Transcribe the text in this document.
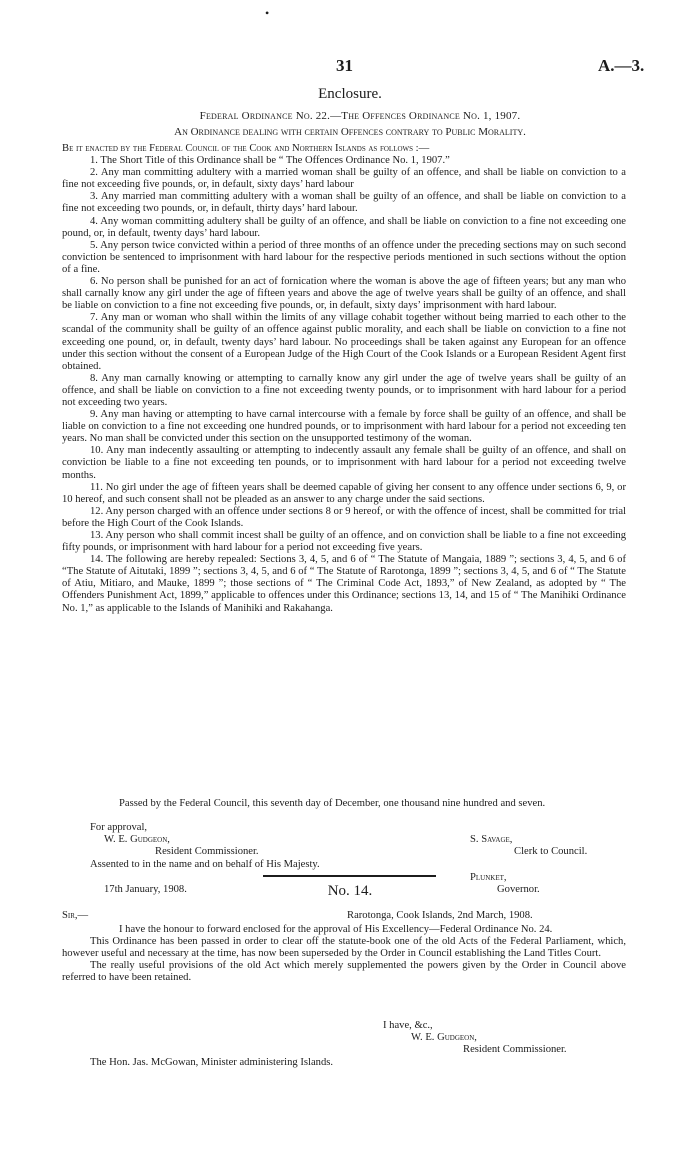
•
31	A.—3.
Enclosure.
Federal Ordinance No. 22.—The Offences Ordinance No. 1, 1907.
An Ordinance dealing with certain Offences contrary to Public Morality.

Be it enacted by the Federal Council of the Cook and Northern Islands as follows :—

1. The Short Title of this Ordinance shall be “ The Offences Ordinance No. 1, 1907.”

2. Any man committing adultery with a married woman shall be guilty of an offence, and shall be liable on conviction to a fine not exceeding five pounds, or, in default, sixty days’ hard labour

3. Any married man committing adultery with a woman shall be guilty of an offence, and shall be liable on conviction to a fine not exceeding two pounds, or, in default, thirty days’ hard labour.

4. Any woman committing adultery shall be guilty of an offence, and shall be liable on conviction to a fine not exceeding one pound, or, in default, twenty days’ hard labour.

5. Any person twice convicted within a period of three months of an offence under the preceding sections may on such second conviction be sentenced to imprisonment with hard labour for the respective periods mentioned in such sections without the option of a fine.

6. No person shall be punished for an act of fornication where the woman is above the age of fifteen years; but any man who shall carnally know any girl under the age of fifteen years and above the age of twelve years shall be guilty of an offence, and shall be liable on conviction to a fine not exceeding five pounds, or, in default, sixty days’ imprisonment with hard labour.

7. Any man or woman who shall within the limits of any village cohabit together without being married to each other to the scandal of the community shall be guilty of an offence against public morality, and each shall be liable on conviction to a fine not exceeding one pound, or, in default, twenty days’ hard labour. No proceedings shall be taken against any European for an offence under this section without the consent of a European Judge of the High Court of the Cook Islands or a European Resident Agent first obtained.

8. Any man carnally knowing or attempting to carnally know any girl under the age of twelve years shall be guilty of an offence, and shall be liable on conviction to a fine not exceeding twenty pounds, or to imprisonment with hard labour for a period not exceeding two years.

9. Any man having or attempting to have carnal intercourse with a female by force shall be guilty of an offence, and shall be liable on conviction to a fine not exceeding one hundred pounds, or to imprisonment with hard labour for a period not exceeding ten years. No man shall be convicted under this section on the unsupported testimony of the woman.

10. Any man indecently assaulting or attempting to indecently assault any female shall be guilty of an offence, and shall on conviction be liable to a fine not exceeding ten pounds, or to imprisonment with hard labour for a period not exceeding twelve months.

11. No girl under the age of fifteen years shall be deemed capable of giving her consent to any offence under sections 6, 9, or 10 hereof, and such consent shall not be pleaded as an answer to any charge under the said sections.

12. Any person charged with an offence under sections 8 or 9 hereof, or with the offence of incest, shall be committed for trial before the High Court of the Cook Islands.

13. Any person who shall commit incest shall be guilty of an offence, and on conviction shall be liable to a fine not exceeding fifty pounds, or imprisonment with hard labour for a period not exceeding five years.

14. The following are hereby repealed: Sections 3, 4, 5, and 6 of “ The Statute of Mangaia, 1889 ”; sections 3, 4, 5, and 6 of “The Statute of Aitutaki, 1899 ”; sections 3, 4, 5, and 6 of “ The Statute of Rarotonga, 1899 ”; sections 3, 4, 5, and 6 of “ The Statute of Atiu, Mitiaro, and Mauke, 1899 ”; those sections of “ The Criminal Code Act, 1893,” of New Zealand, as adopted by “ The Offenders Punishment Act, 1899,” applicable to offences under this Ordinance; sections 13, 14, and 15 of “ The Manihiki Ordinance No. 1,” as applicable to the Islands of Manihiki and Rakahanga.

Passed by the Federal Council, this seventh day of December, one thousand nine hundred and seven.
For approval,
W. E. Gudgeon,
Resident Commissioner.
S. Savage,
Clerk to Council.
Assented to in the name and on behalf of His Majesty.
Plunket,
Governor.
17th January, 1908.	No. 14.
Sir,—	Rarotonga, Cook Islands, 2nd March, 1908.

I have the honour to forward enclosed for the approval of His Excellency—Federal Ordinance No. 24.

This Ordinance has been passed in order to clear off the statute-book one of the old Acts of the Federal Parliament, which, however useful and necessary at the time, has now been superseded by the Order in Council establishing the Land Titles Court.

The really useful provisions of the old Act which merely supplemented the powers given by the Order in Council above referred to have been retained.

I have, &c.,
W. E. Gudgeon,
Resident Commissioner.
The Hon. Jas. McGowan, Minister administering Islands.
